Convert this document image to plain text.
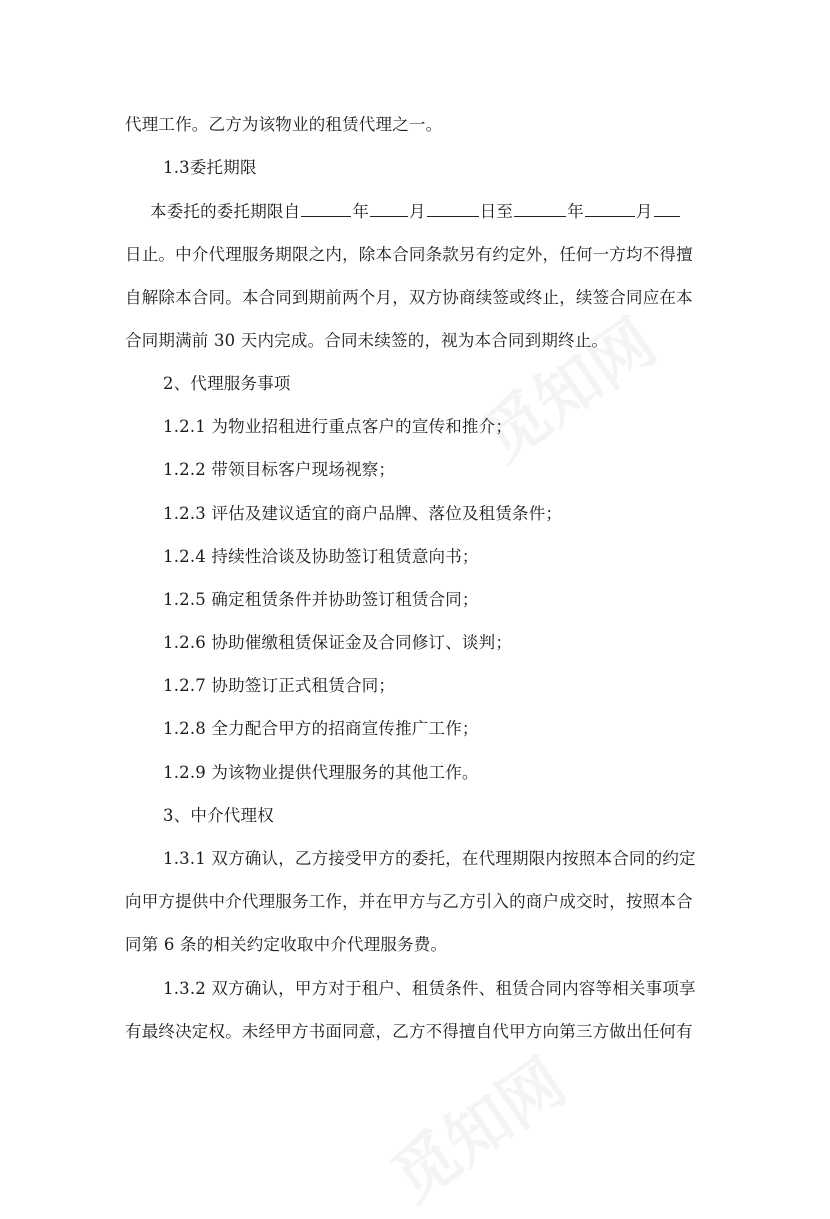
代理工作。乙方为该物业的租赁代理之一。
1.3委托期限
本委托的委托期限自	年 月	日至	年	月
日止。中介代理服务期限之内，除本合同条款另有约定外，任何一方均不得擅
自解除本合同。本合同到期前两个月，双方协商续签或终止，续签合同应在本
合同期满前 30 天内完成。合同未续签的，视为本合同到期终止。
2、代理服务事项
1.2.1 为物业招租进行重点客户的宣传和推介；
1.2.2 带领目标客户现场视察；
1.2.3 评估及建议适宜的商户品牌、落位及租赁条件；
1.2.4 持续性洽谈及协助签订租赁意向书；
1.2.5 确定租赁条件并协助签订租赁合同；
1.2.6 协助催缴租赁保证金及合同修订、谈判；
1.2.7 协助签订正式租赁合同；
1.2.8 全力配合甲方的招商宣传推广工作；
1.2.9 为该物业提供代理服务的其他工作。
3、中介代理权
1.3.1 双方确认，乙方接受甲方的委托，在代理期限内按照本合同的约定
向甲方提供中介代理服务工作，并在甲方与乙方引入的商户成交时，按照本合
同第 6 条的相关约定收取中介代理服务费。
1.3.2 双方确认，甲方对于租户、租赁条件、租赁合同内容等相关事项享
有最终决定权。未经甲方书面同意，乙方不得擅自代甲方向第三方做出任何有
